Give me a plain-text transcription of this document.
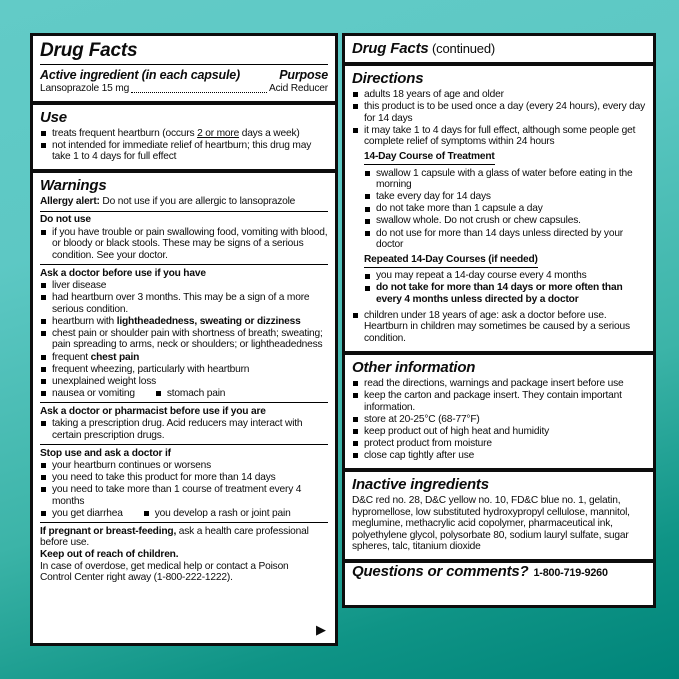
Drug Facts
Active ingredient (in each capsule)	Purpose
Lansoprazole 15 mg	Acid Reducer
Use
treats frequent heartburn (occurs 2 or more days a week)
not intended for immediate relief of heartburn; this drug may take 1 to 4 days for full effect
Warnings
Allergy alert: Do not use if you are allergic to lansoprazole
Do not use
if you have trouble or pain swallowing food, vomiting with blood, or bloody or black stools. These may be signs of a serious condition. See your doctor.
Ask a doctor before use if you have
liver disease
had heartburn over 3 months. This may be a sign of a more serious condition.
heartburn with lightheadedness, sweating or dizziness
chest pain or shoulder pain with shortness of breath; sweating; pain spreading to arms, neck or shoulders; or lightheadedness
frequent chest pain
frequent wheezing, particularly with heartburn
unexplained weight loss
nausea or vomiting	stomach pain
Ask a doctor or pharmacist before use if you are
taking a prescription drug. Acid reducers may interact with certain prescription drugs.
Stop use and ask a doctor if
your heartburn continues or worsens
you need to take this product for more than 14 days
you need to take more than 1 course of treatment every 4 months
you get diarrhea	you develop a rash or joint pain
If pregnant or breast-feeding, ask a health care professional before use.
Keep out of reach of children.
In case of overdose, get medical help or contact a Poison Control Center right away (1-800-222-1222).
▶
Drug Facts (continued)
Directions
adults 18 years of age and older
this product is to be used once a day (every 24 hours), every day for 14 days
it may take 1 to 4 days for full effect, although some people get complete relief of symptoms within 24 hours
14-Day Course of Treatment
swallow 1 capsule with a glass of water before eating in the morning
take every day for 14 days
do not take more than 1 capsule a day
swallow whole. Do not crush or chew capsules.
do not use for more than 14 days unless directed by your doctor
Repeated 14-Day Courses (if needed)
you may repeat a 14-day course every 4 months
do not take for more than 14 days or more often than every 4 months unless directed by a doctor
children under 18 years of age: ask a doctor before use. Heartburn in children may sometimes be caused by a serious condition.
Other information
read the directions, warnings and package insert before use
keep the carton and package insert. They contain important information.
store at 20-25°C (68-77°F)
keep product out of high heat and humidity
protect product from moisture
close cap tightly after use
Inactive ingredients
D&C red no. 28, D&C yellow no. 10, FD&C blue no. 1, gelatin, hypromellose, low substituted hydroxypropyl cellulose, mannitol, meglumine, methacrylic acid copolymer, pharmaceutical ink, polyethylene glycol, polysorbate 80, sodium lauryl sulfate, sugar spheres, talc, titanium dioxide
Questions or comments? 1-800-719-9260
